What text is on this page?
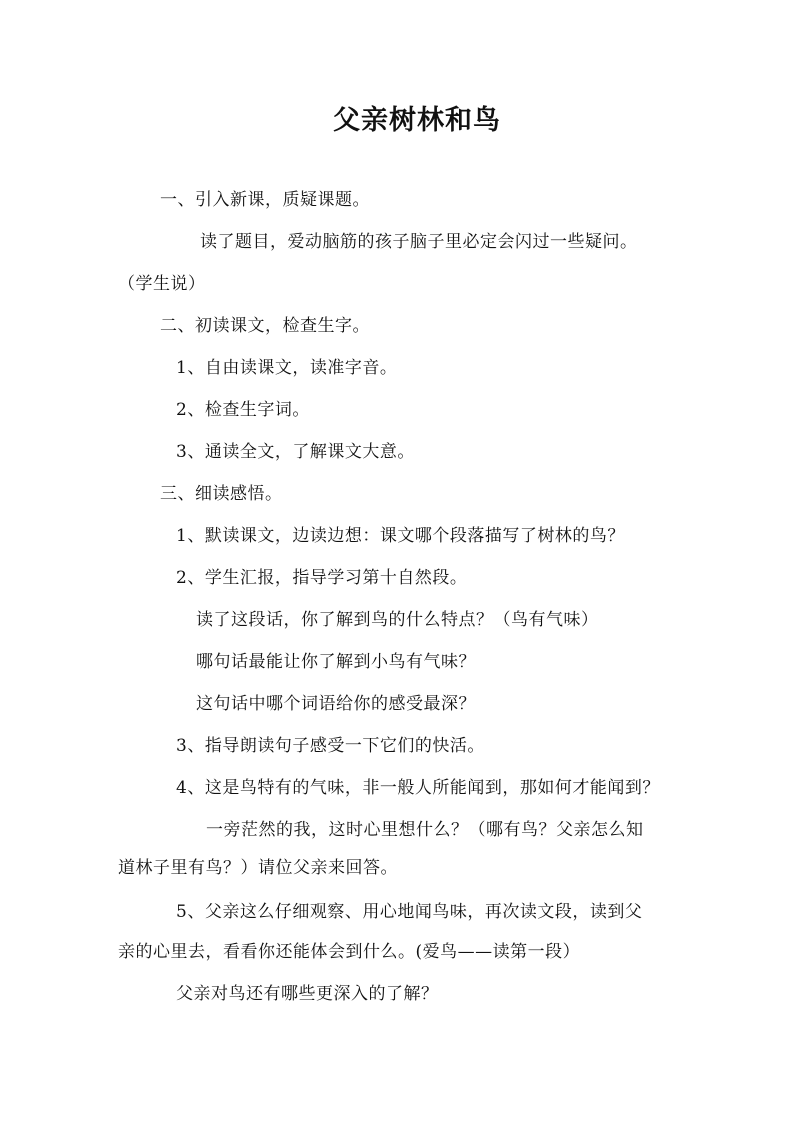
父亲树林和鸟

一、引入新课，质疑课题。

读了题目，爱动脑筋的孩子脑子里必定会闪过一些疑问。

（学生说）

二、初读课文，检查生字。

1、自由读课文，读准字音。

2、检查生字词。

3、通读全文，了解课文大意。

三、细读感悟。

1、默读课文，边读边想：课文哪个段落描写了树林的鸟？

2、学生汇报，指导学习第十自然段。

读了这段话，你了解到鸟的什么特点？（鸟有气味）

哪句话最能让你了解到小鸟有气味？

这句话中哪个词语给你的感受最深？

3、指导朗读句子感受一下它们的快活。

4、这是鸟特有的气味，非一般人所能闻到，那如何才能闻到？

一旁茫然的我，这时心里想什么？（哪有鸟？父亲怎么知

道林子里有鸟？）请位父亲来回答。

5、父亲这么仔细观察、用心地闻鸟味，再次读文段，读到父

亲的心里去，看看你还能体会到什么。(爱鸟——读第一段）

父亲对鸟还有哪些更深入的了解？
